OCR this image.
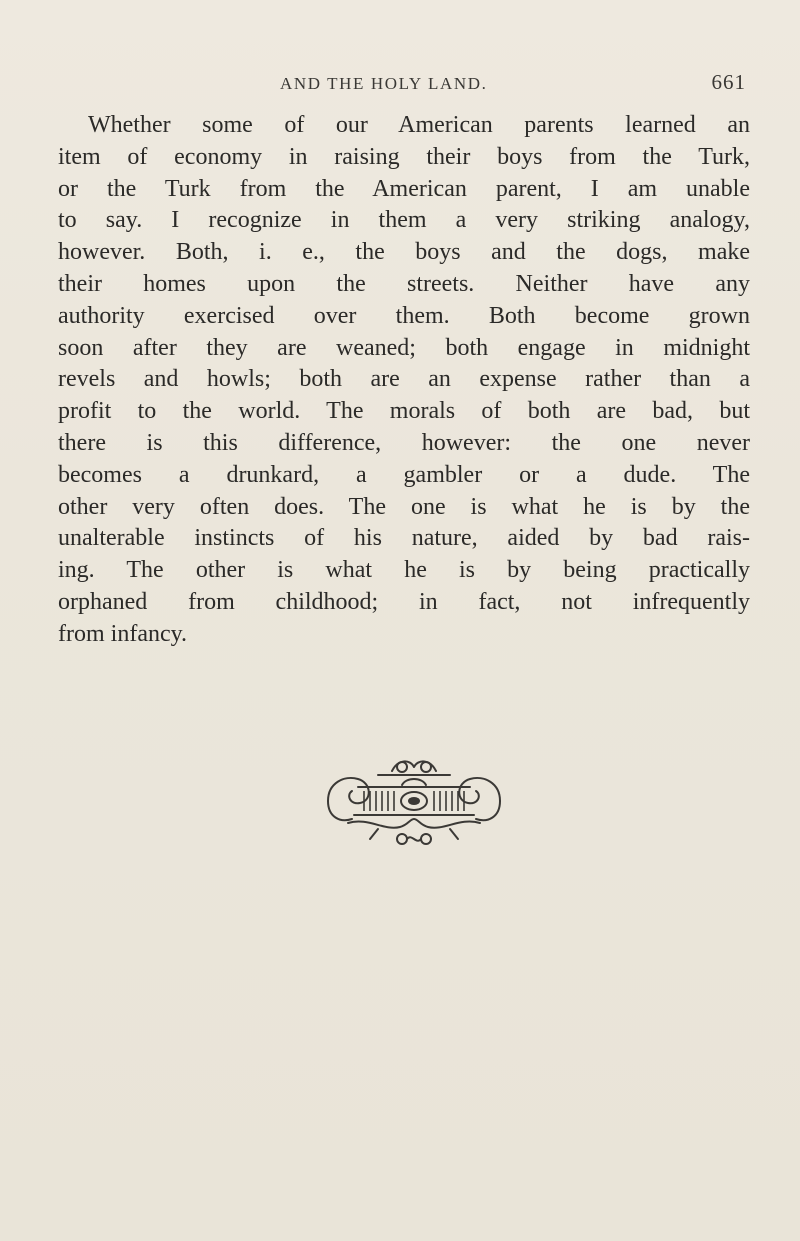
AND THE HOLY LAND.	661
Whether some of our American parents learned an
item of economy in raising their boys from the Turk,
or the Turk from the American parent, I am unable
to say. I recognize in them a very striking analogy,
however. Both, i. e., the boys and the dogs, make
their homes upon the streets. Neither have any
authority exercised over them. Both become grown
soon after they are weaned; both engage in midnight
revels and howls; both are an expense rather than a
profit to the world. The morals of both are bad, but
there is this difference, however: the one never
becomes a drunkard, a gambler or a dude. The
other very often does. The one is what he is by the
unalterable instincts of his nature, aided by bad rais-
ing. The other is what he is by being practically
orphaned from childhood; in fact, not infrequently
from infancy.
